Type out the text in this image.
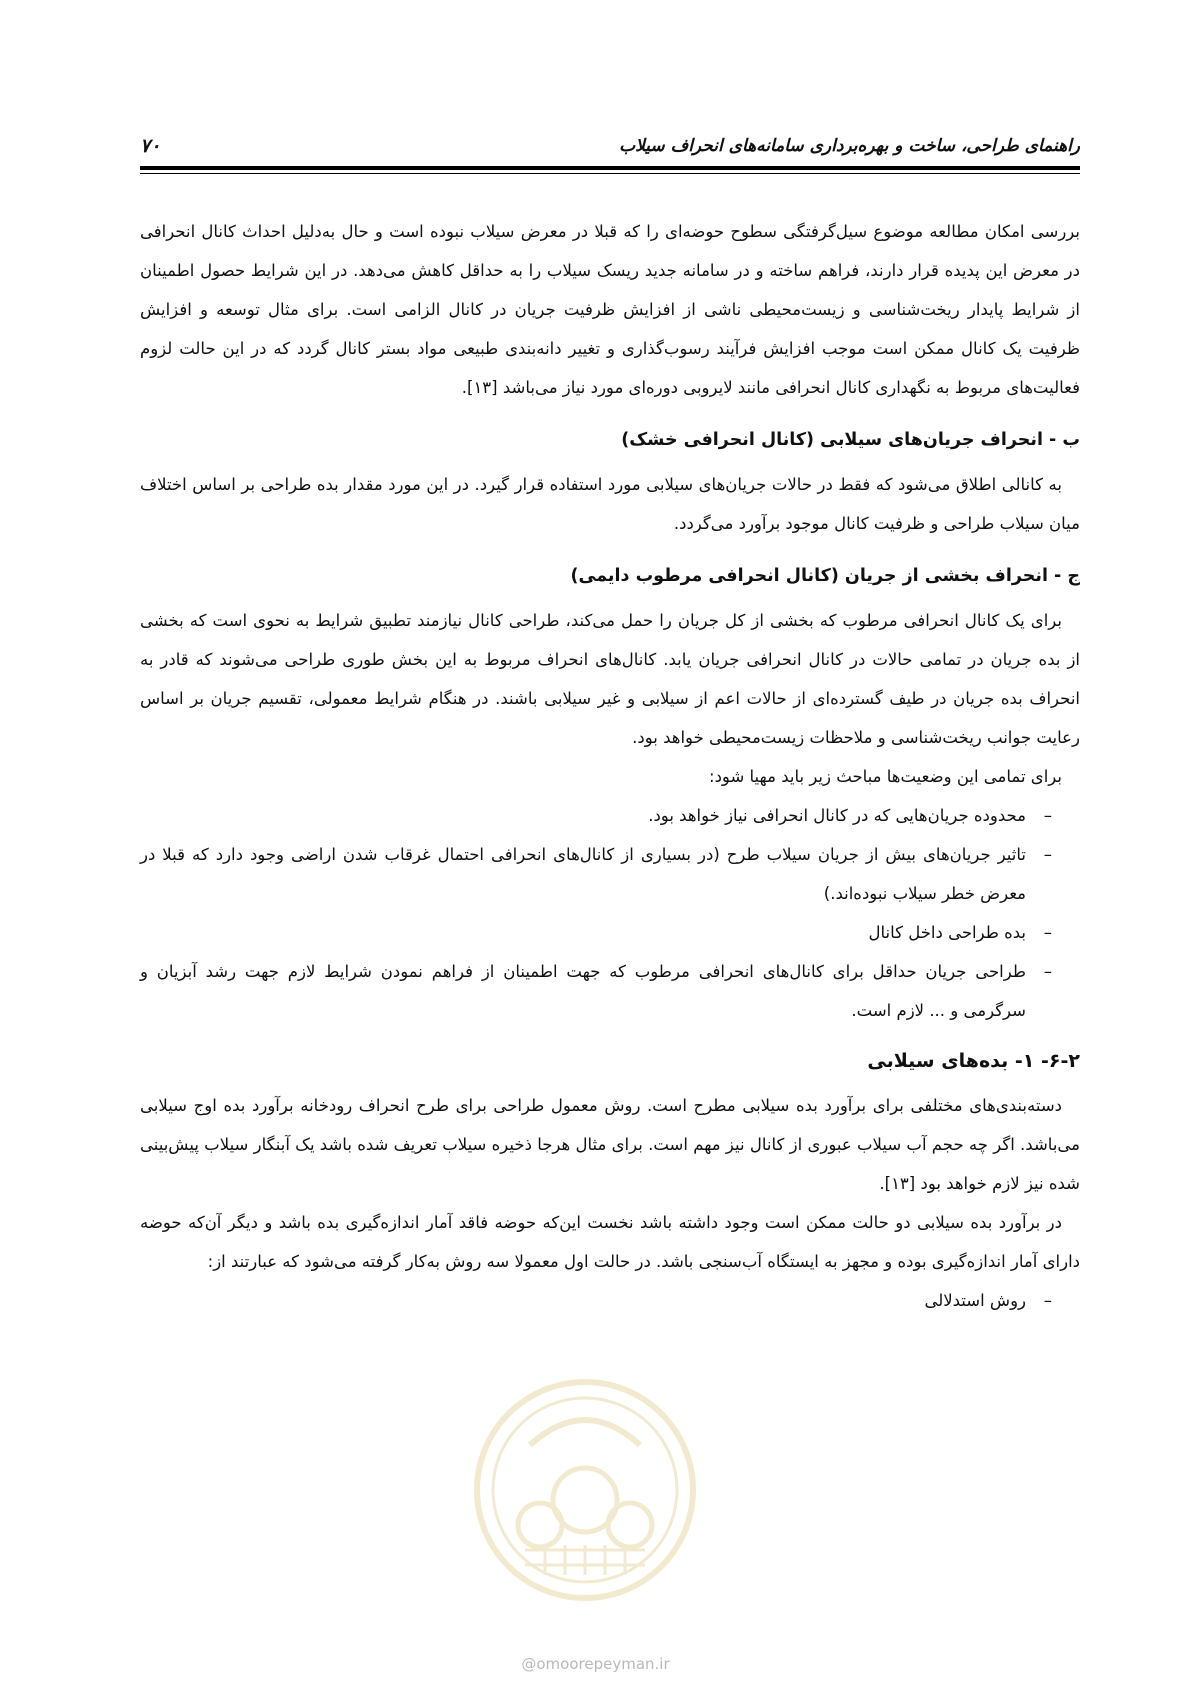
راهنمای طراحی، ساخت و بهره‌برداری سامانه‌های انحراف سیلاب
۷۰

بررسی امکان مطالعه موضوع سیل‌گرفتگی سطوح حوضه‌ای را که قبلا در معرض سیلاب نبوده است و حال به‌دلیل احداث کانال انحرافی در معرض این پدیده قرار دارند، فراهم ساخته و در سامانه جدید ریسک سیلاب را به حداقل کاهش می‌دهد. در این شرایط حصول اطمینان از شرایط پایدار ریخت‌شناسی و زیست‌محیطی ناشی از افزایش ظرفیت جریان در کانال الزامی است. برای مثال توسعه و افزایش ظرفیت یک کانال ممکن است موجب افزایش فرآیند رسوب‌گذاری و تغییر دانه‌بندی طبیعی مواد بستر کانال گردد که در این حالت لزوم فعالیت‌های مربوط به نگهداری کانال انحرافی مانند لایروبی دوره‌ای مورد نیاز می‌باشد [۱۳].

ب - انحراف جریان‌های سیلابی (کانال انحرافی خشک)

به کانالی اطلاق می‌شود که فقط در حالات جریان‌های سیلابی مورد استفاده قرار گیرد. در این مورد مقدار بده طراحی بر اساس اختلاف میان سیلاب طراحی و ظرفیت کانال موجود برآورد می‌گردد.

ج - انحراف بخشی از جریان (کانال انحرافی مرطوب دایمی)

برای یک کانال انحرافی مرطوب که بخشی از کل جریان را حمل می‌کند، طراحی کانال نیازمند تطبیق شرایط به نحوی است که بخشی از بده جریان در تمامی حالات در کانال انحرافی جریان یابد. کانال‌های انحراف مربوط به این بخش طوری طراحی می‌شوند که قادر به انحراف بده جریان در طیف گسترده‌ای از حالات اعم از سیلابی و غیر سیلابی باشند. در هنگام شرایط معمولی، تقسیم جریان بر اساس رعایت جوانب ریخت‌شناسی و ملاحظات زیست‌محیطی خواهد بود.

برای تمامی این وضعیت‌ها مباحث زیر باید مهیا شود:

– محدوده جریان‌هایی که در کانال انحرافی نیاز خواهد بود.
– تاثیر جریان‌های بیش از جریان سیلاب طرح (در بسیاری از کانال‌های انحرافی احتمال غرقاب شدن اراضی وجود دارد که قبلا در معرض خطر سیلاب نبوده‌اند.)
– بده طراحی داخل کانال
– طراحی جریان حداقل برای کانال‌های انحرافی مرطوب که جهت اطمینان از فراهم نمودن شرایط لازم جهت رشد آبزیان و سرگرمی و ... لازم است.
۶-۲- ۱- بده‌های سیلابی

دسته‌بندی‌های مختلفی برای برآورد بده سیلابی مطرح است. روش معمول طراحی برای طرح انحراف رودخانه برآورد بده اوج سیلابی می‌باشد. اگر چه حجم آب سیلاب عبوری از کانال نیز مهم است. برای مثال هرجا ذخیره سیلاب تعریف شده باشد یک آبنگار سیلاب پیش‌بینی شده نیز لازم خواهد بود [۱۳].

در برآورد بده سیلابی دو حالت ممکن است وجود داشته باشد نخست این‌که حوضه فاقد آمار اندازه‌گیری بده باشد و دیگر آن‌که حوضه دارای آمار اندازه‌گیری بوده و مجهز به ایستگاه آب‌سنجی باشد. در حالت اول معمولا سه روش به‌کار گرفته می‌شود که عبارتند از:

– روش استدلالی
@omoorepeyman.ir
